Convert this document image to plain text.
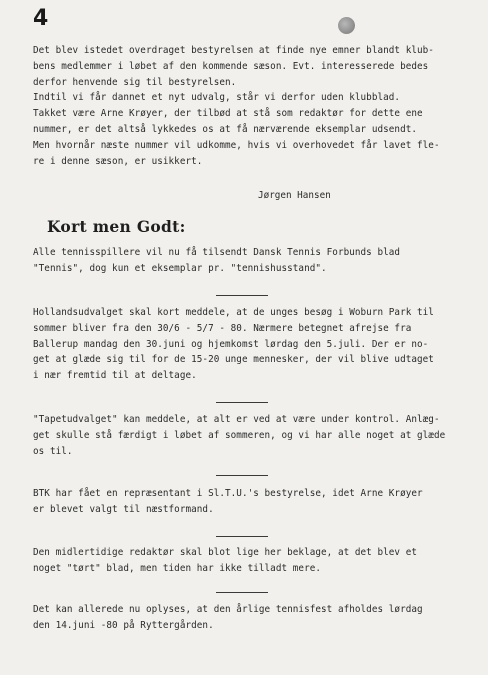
4
Det blev istedet overdraget bestyrelsen at finde nye emner blandt klub-
bens medlemmer i løbet af den kommende sæson. Evt. interesserede bedes
derfor henvende sig til bestyrelsen.
Indtil vi får dannet et nyt udvalg, står vi derfor uden klubblad.
Takket være Arne Krøyer, der tilbød at stå som redaktør for dette ene
nummer, er det altså lykkedes os at få nærværende eksemplar udsendt.
Men hvornår næste nummer vil udkomme, hvis vi overhovedet får lavet fle-
re i denne sæson, er usikkert.
Jørgen Hansen
Kort men Godt:
Alle tennisspillere vil nu få tilsendt Dansk Tennis Forbunds blad
"Tennis", dog kun et eksemplar pr. "tennishusstand".
Hollandsudvalget skal kort meddele, at de unges besøg i Woburn Park til
sommer bliver fra den 30/6 - 5/7 - 80. Nærmere betegnet afrejse fra
Ballerup mandag den 30.juni og hjemkomst lørdag den 5.juli. Der er no-
get at glæde sig til for de 15-20 unge mennesker, der vil blive udtaget
i nær fremtid til at deltage.
"Tapetudvalget" kan meddele, at alt er ved at være under kontrol. Anlæg-
get skulle stå færdigt i løbet af sommeren, og vi har alle noget at glæde
os til.
BTK har fået en repræsentant i Sl.T.U.'s bestyrelse, idet Arne Krøyer
er blevet valgt til næstformand.
Den midlertidige redaktør skal blot lige her beklage, at det blev et
noget "tørt" blad, men tiden har ikke tilladt mere.
Det kan allerede nu oplyses, at den årlige tennisfest afholdes lørdag
den 14.juni -80 på Ryttergården.
